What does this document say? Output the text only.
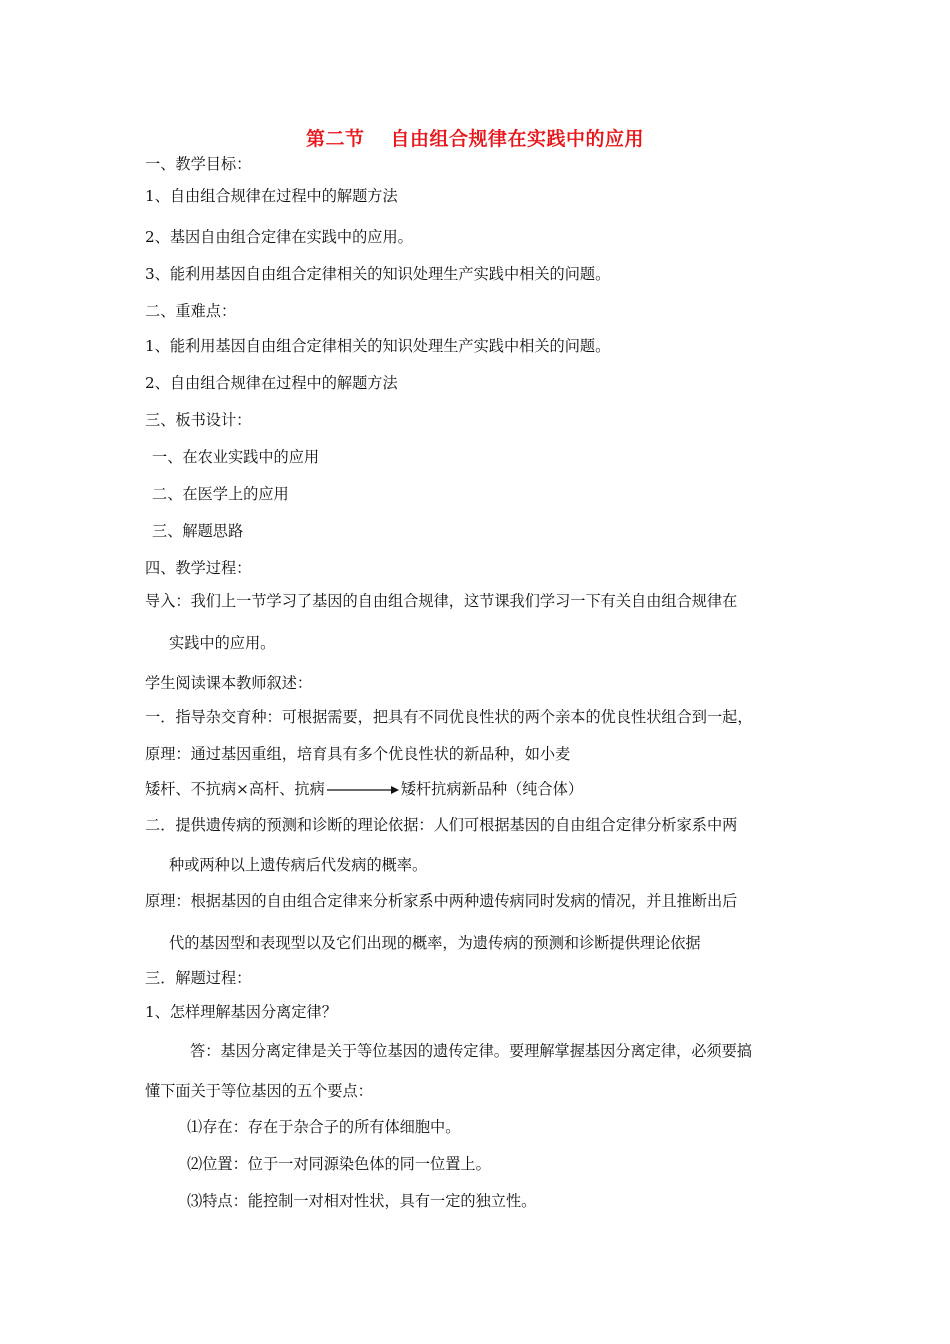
第二节 自由组合规律在实践中的应用
一、教学目标：
1、自由组合规律在过程中的解题方法
2、基因自由组合定律在实践中的应用。
3、能利用基因自由组合定律相关的知识处理生产实践中相关的问题。
二、重难点：
1、能利用基因自由组合定律相关的知识处理生产实践中相关的问题。
2、自由组合规律在过程中的解题方法
三、板书设计：
一、在农业实践中的应用
二、在医学上的应用
三、解题思路
四、教学过程：
导入：我们上一节学习了基因的自由组合规律，这节课我们学习一下有关自由组合规律在
实践中的应用。
学生阅读课本教师叙述：
一．指导杂交育种：可根据需要，把具有不同优良性状的两个亲本的优良性状组合到一起，
原理：通过基因重组，培育具有多个优良性状的新品种，如小麦
矮杆、不抗病×高杆、抗病	矮杆抗病新品种（纯合体）
二．提供遗传病的预测和诊断的理论依据：人们可根据基因的自由组合定律分析家系中两
种或两种以上遗传病后代发病的概率。
原理：根据基因的自由组合定律来分析家系中两种遗传病同时发病的情况，并且推断出后
代的基因型和表现型以及它们出现的概率，为遗传病的预测和诊断提供理论依据
三．解题过程：
1、怎样理解基因分离定律？
答：基因分离定律是关于等位基因的遗传定律。要理解掌握基因分离定律，必须要搞
懂下面关于等位基因的五个要点：
⑴存在：存在于杂合子的所有体细胞中。
⑵位置：位于一对同源染色体的同一位置上。
⑶特点：能控制一对相对性状，具有一定的独立性。
